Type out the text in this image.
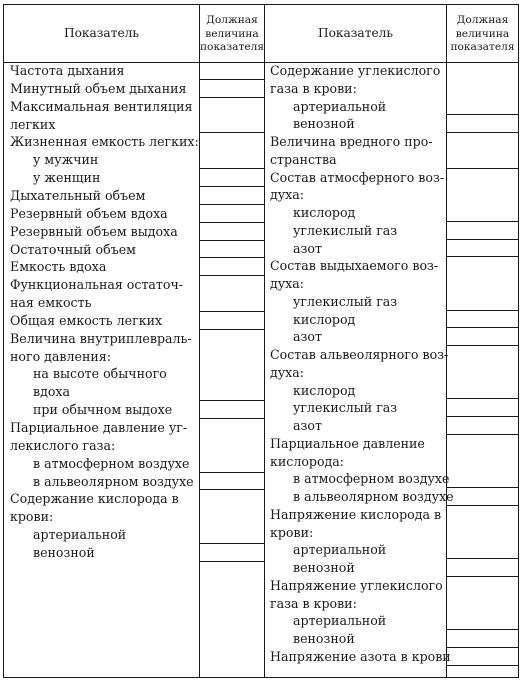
Показатель
Должная
величина
показателя
Показатель
Должная
величина
показателя
Частота дыхания
Минутный объем дыхания
Максимальная вентиляция
легких
Жизненная емкость легких:
у мужчин
у женщин
Дыхательный объем
Резервный объем вдоха
Резервный объем выдоха
Остаточный объем
Емкость вдоха
Функциональная остаточ-
ная емкость
Общая емкость легких
Величина внутриплевраль-
ного давления:
на высоте обычного
вдоха
при обычном выдохе
Парциальное давление уг-
лекислого газа:
в атмосферном воздухе
в альвеолярном воздухе
Содержание кислорода в
крови:
артериальной
венозной
Содержание углекислого
газа в крови:
артериальной
венозной
Величина вредного про-
странства
Состав атмосферного воз-
духа:
кислород
углекислый газ
азот
Состав выдыхаемого воз-
духа:
углекислый газ
кислород
азот
Состав альвеолярного воз-
духа:
кислород
углекислый газ
азот
Парциальное давление
кислорода:
в атмосферном воздухе
в альвеолярном воздухе
Напряжение кислорода в
крови:
артериальной
венозной
Напряжение углекислого
газа в крови:
артериальной
венозной
Напряжение азота в крови
